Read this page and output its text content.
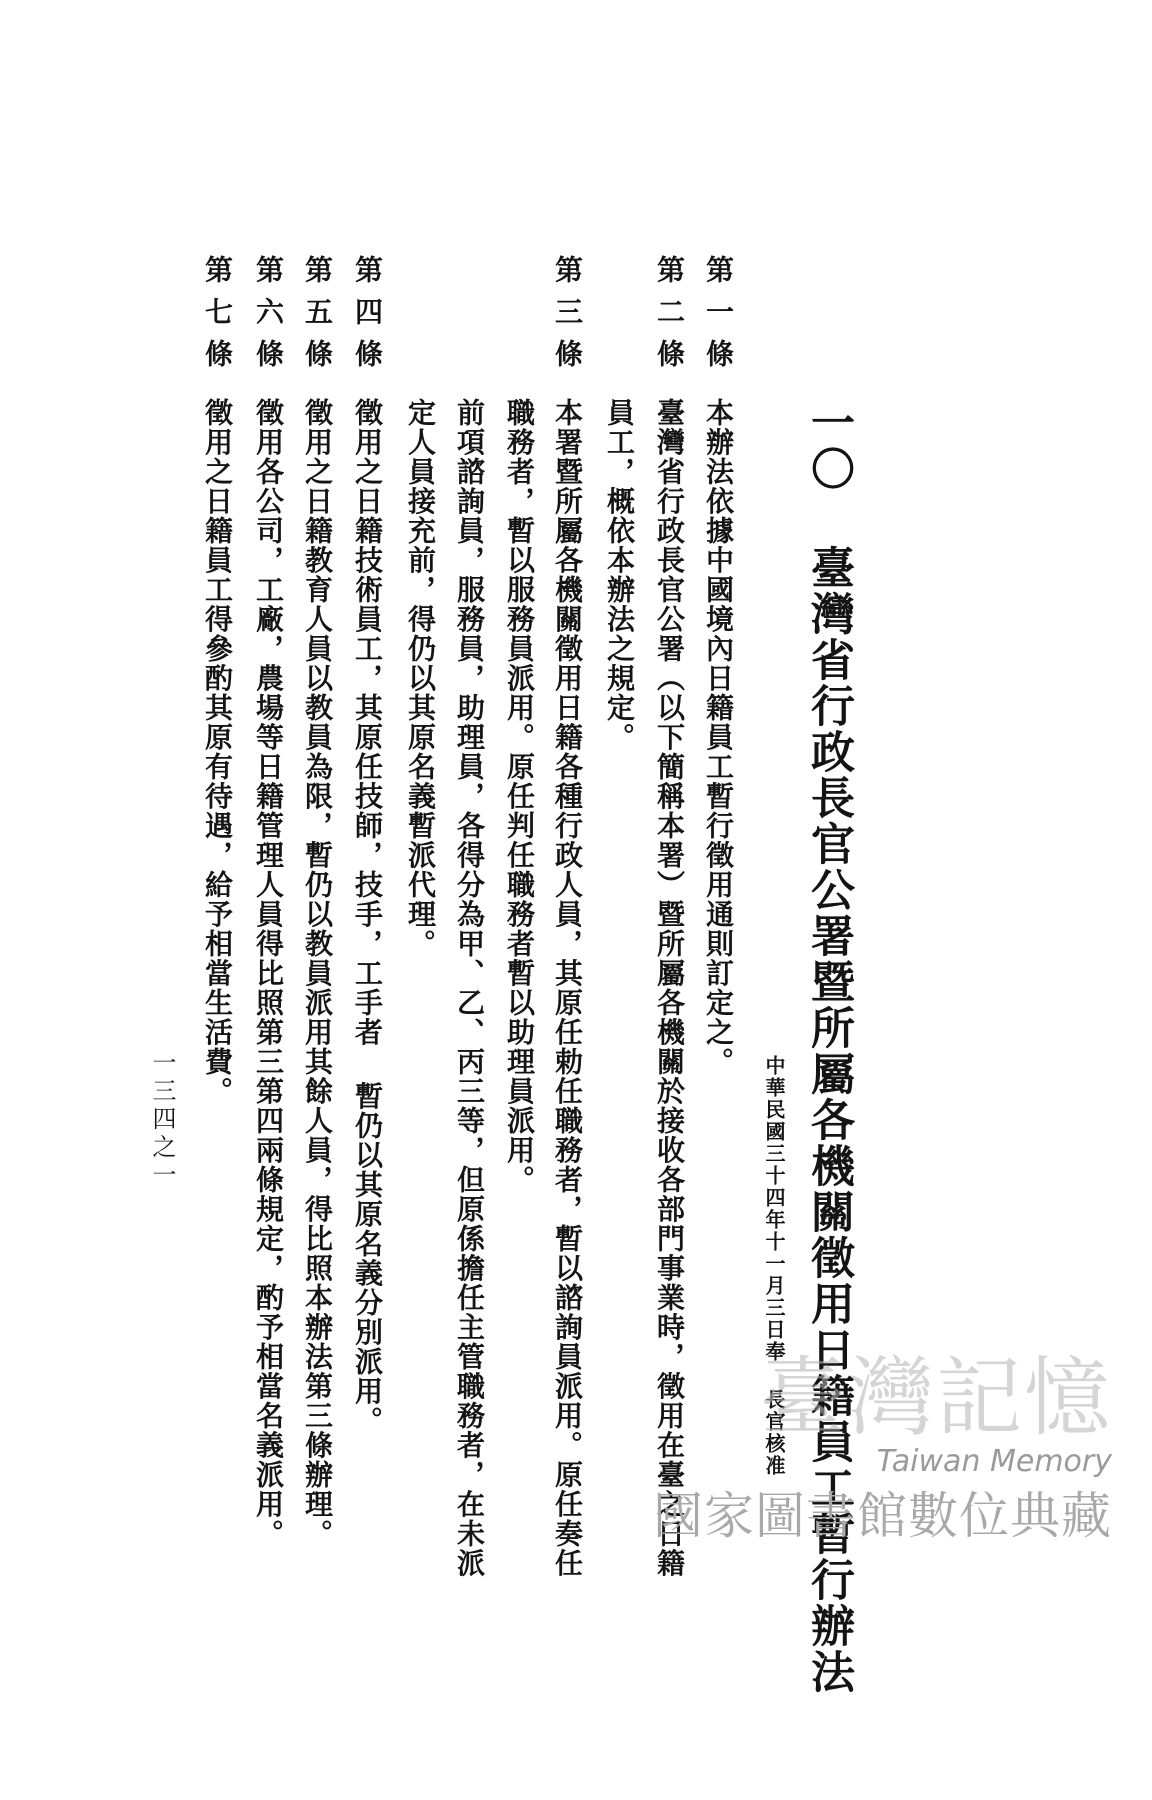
一〇 臺灣省行政長官公署暨所屬各機關徵用日籍員工暫行辦法
中華民國三十四年十一月三日奉 長官核准
第一條
本辦法依據中國境內日籍員工暫行徵用通則訂定之。
第二條
臺灣省行政長官公署（以下簡稱本署）暨所屬各機關於接收各部門事業時，徵用在臺之日籍
員工，概依本辦法之規定。
第三條
本署暨所屬各機關徵用日籍各種行政人員，其原任勅任職務者，暫以諮詢員派用。原任奏任
職務者，暫以服務員派用。原任判任職務者暫以助理員派用。
前項諮詢員，服務員，助理員，各得分為甲、乙、丙三等，但原係擔任主管職務者，在未派
定人員接充前，得仍以其原名義暫派代理。
第四條
徵用之日籍技術員工，其原任技師，技手，工手者 暫仍以其原名義分別派用。
第五條
徵用之日籍教育人員以教員為限，暫仍以教員派用其餘人員，得比照本辦法第三條辦理。
第六條
徵用各公司，工廠，農場等日籍管理人員得比照第三第四兩條規定，酌予相當名義派用。
第七條
徵用之日籍員工得參酌其原有待遇，給予相當生活費。
一三四之一
臺灣記憶
Taiwan Memory
國家圖書館數位典藏
